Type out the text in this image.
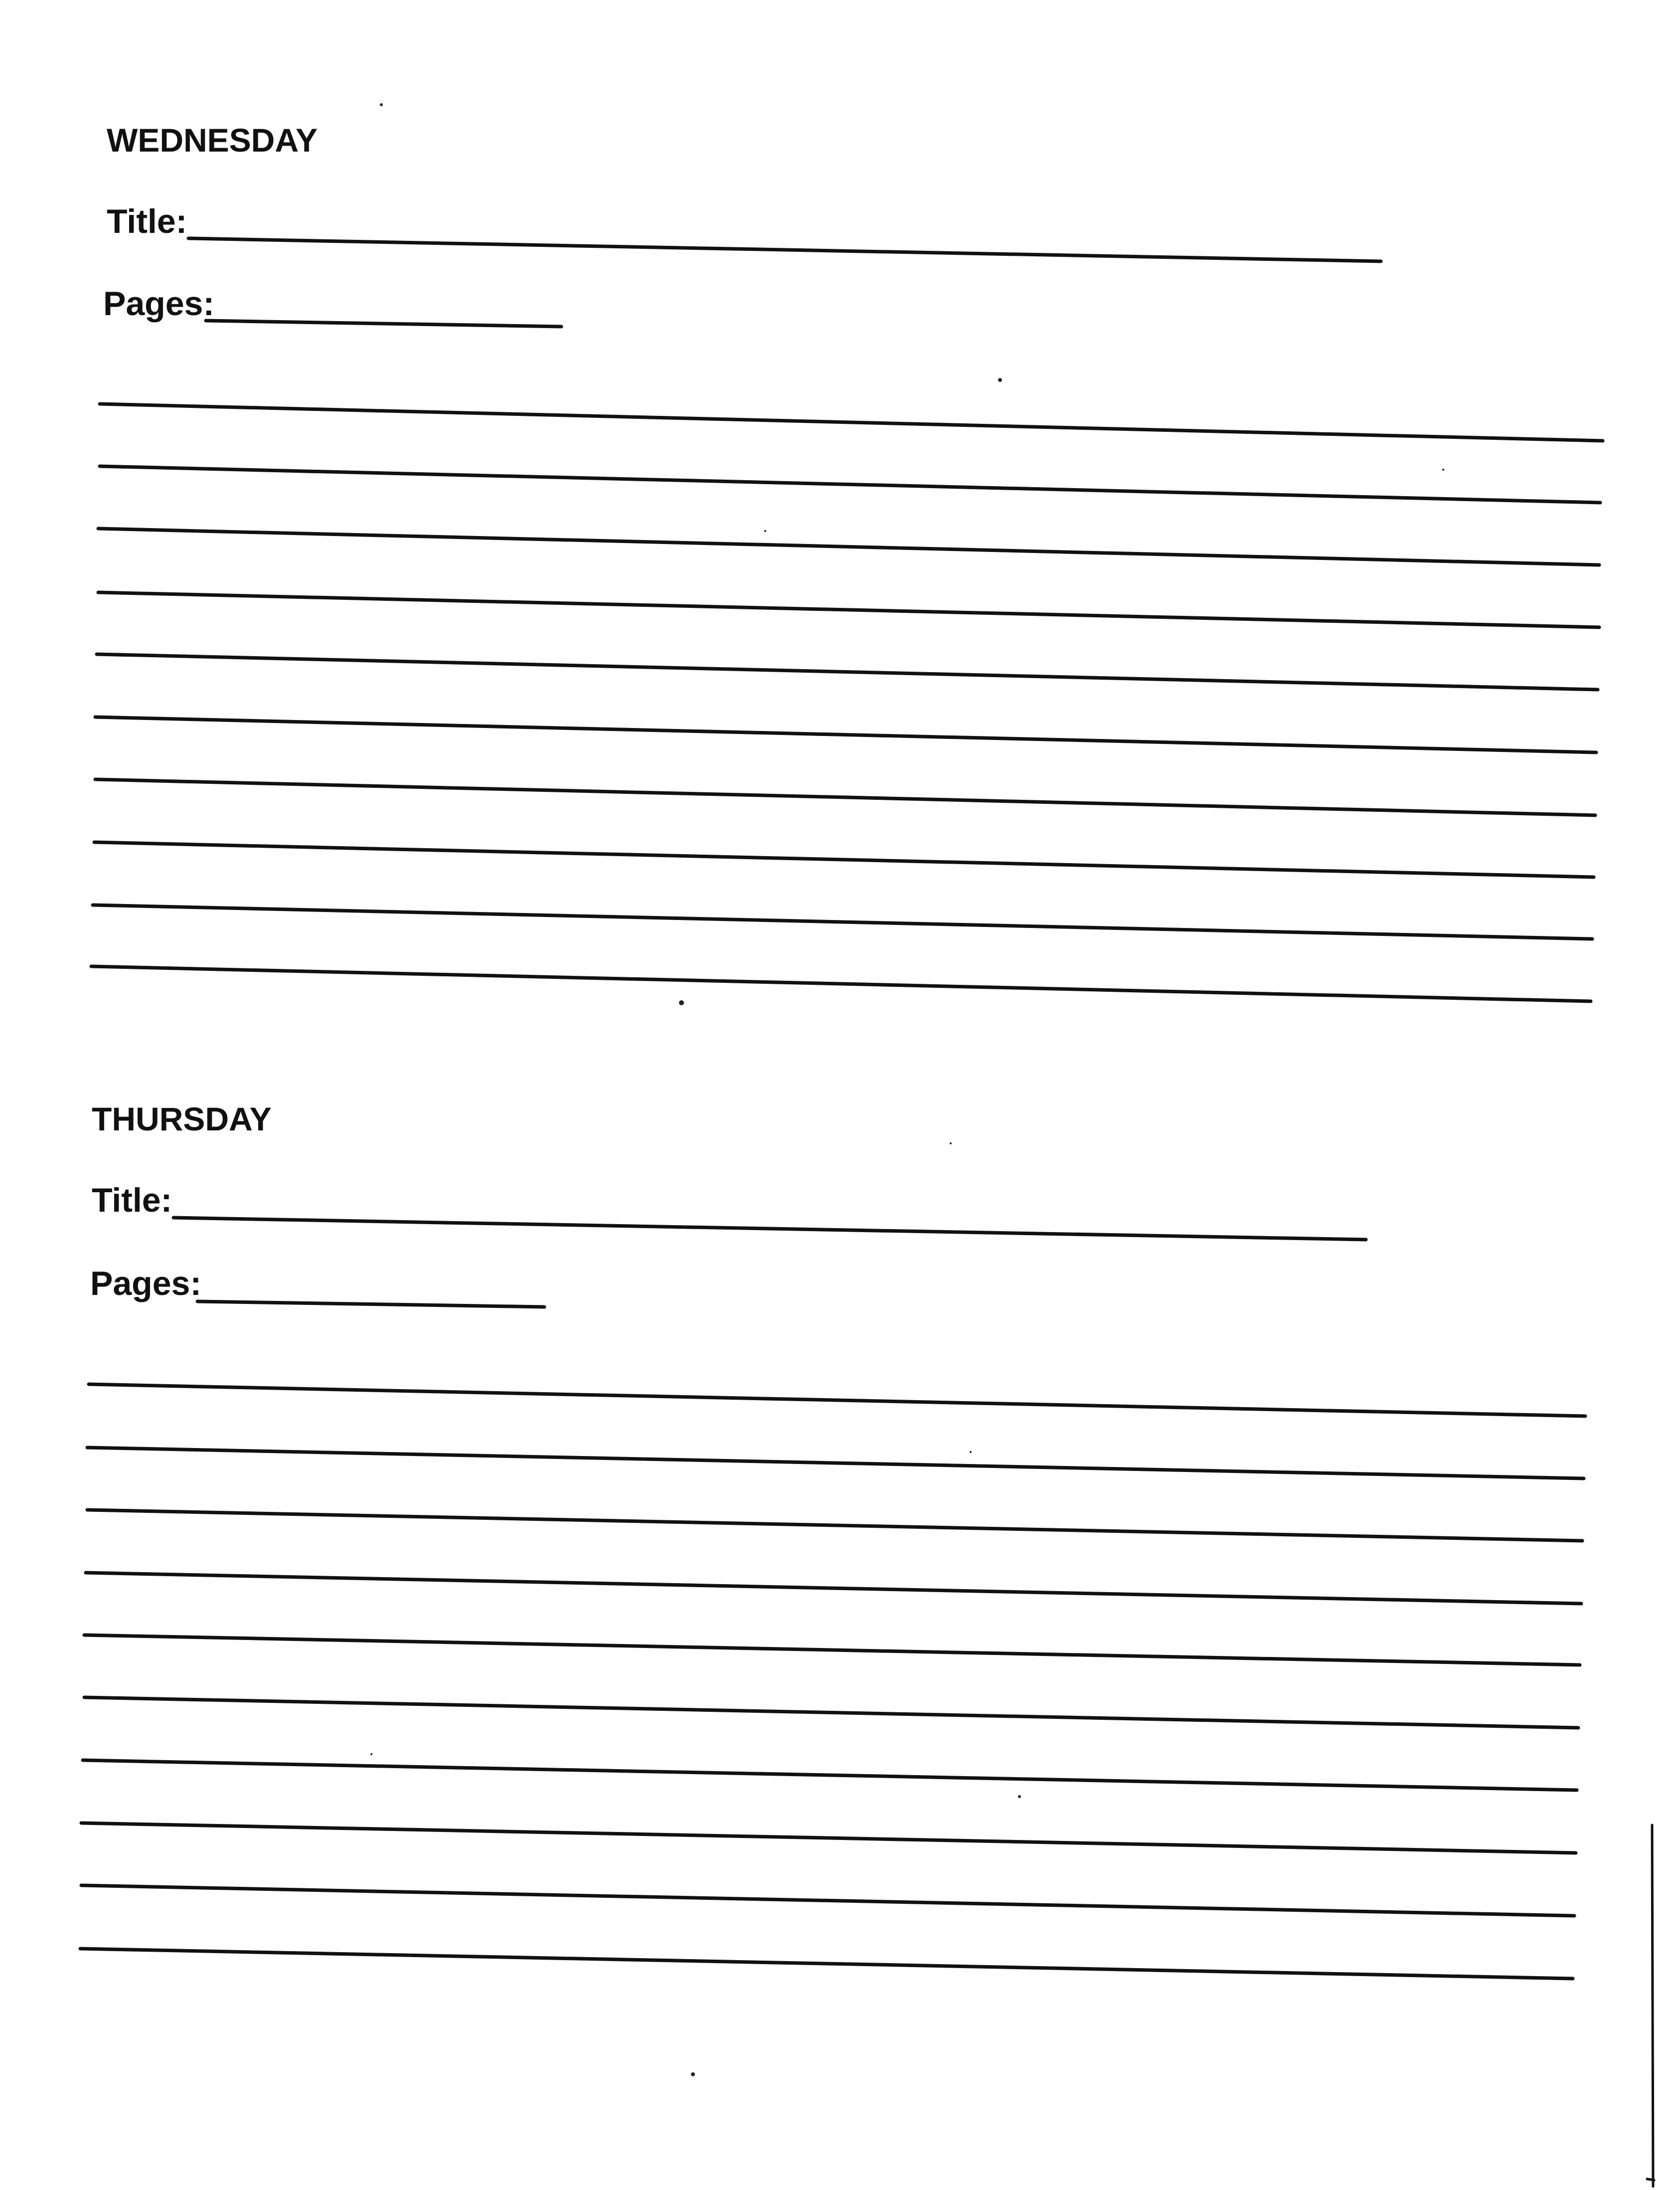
WEDNESDAY
Title:
Pages:
THURSDAY
Title:
Pages:
